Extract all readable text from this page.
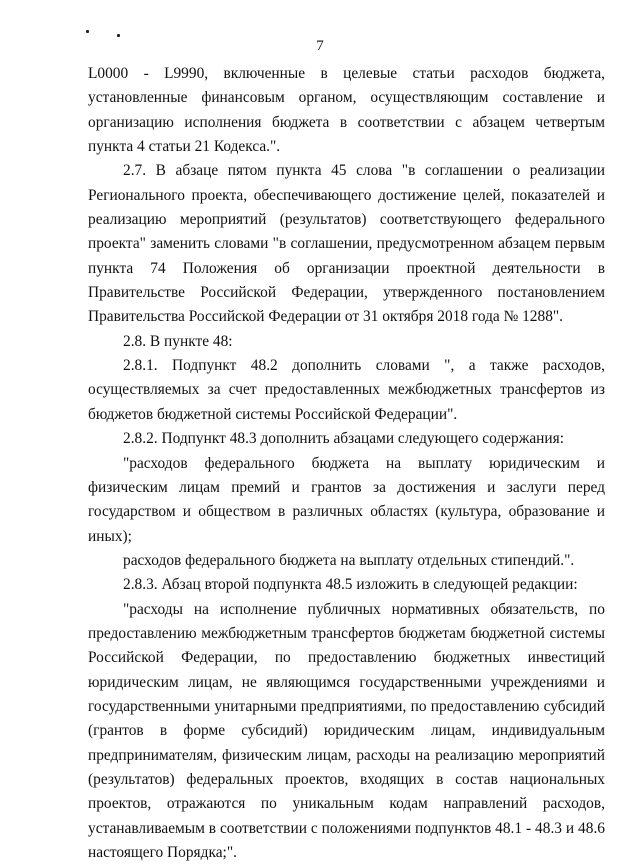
7

L0000 - L9990, включенные в целевые статьи расходов бюджета, установленные финансовым органом, осуществляющим составление и организацию исполнения бюджета в соответствии с абзацем четвертым пункта 4 статьи 21 Кодекса.".

2.7. В абзаце пятом пункта 45 слова "в соглашении о реализации Регионального проекта, обеспечивающего достижение целей, показателей и реализацию мероприятий (результатов) соответствующего федерального проекта" заменить словами "в соглашении, предусмотренном абзацем первым пункта 74 Положения об организации проектной деятельности в Правительстве Российской Федерации, утвержденного постановлением Правительства Российской Федерации от 31 октября 2018 года № 1288".

2.8. В пункте 48:

2.8.1. Подпункт 48.2 дополнить словами ", а также расходов, осуществляемых за счет предоставленных межбюджетных трансфертов из бюджетов бюджетной системы Российской Федерации".

2.8.2. Подпункт 48.3 дополнить абзацами следующего содержания:

"расходов федерального бюджета на выплату юридическим и физическим лицам премий и грантов за достижения и заслуги перед государством и обществом в различных областях (культура, образование и иных);

расходов федерального бюджета на выплату отдельных стипендий.".

2.8.3. Абзац второй подпункта 48.5 изложить в следующей редакции:

"расходы на исполнение публичных нормативных обязательств, по предоставлению межбюджетным трансфертов бюджетам бюджетной системы Российской Федерации, по предоставлению бюджетных инвестиций юридическим лицам, не являющимся государственными учреждениями и государственными унитарными предприятиями, по предоставлению субсидий (грантов в форме субсидий) юридическим лицам, индивидуальным предпринимателям, физическим лицам, расходы на реализацию мероприятий (результатов) федеральных проектов, входящих в состав национальных проектов, отражаются по уникальным кодам направлений расходов, устанавливаемым в соответствии с положениями подпунктов 48.1 - 48.3 и 48.6 настоящего Порядка;".
